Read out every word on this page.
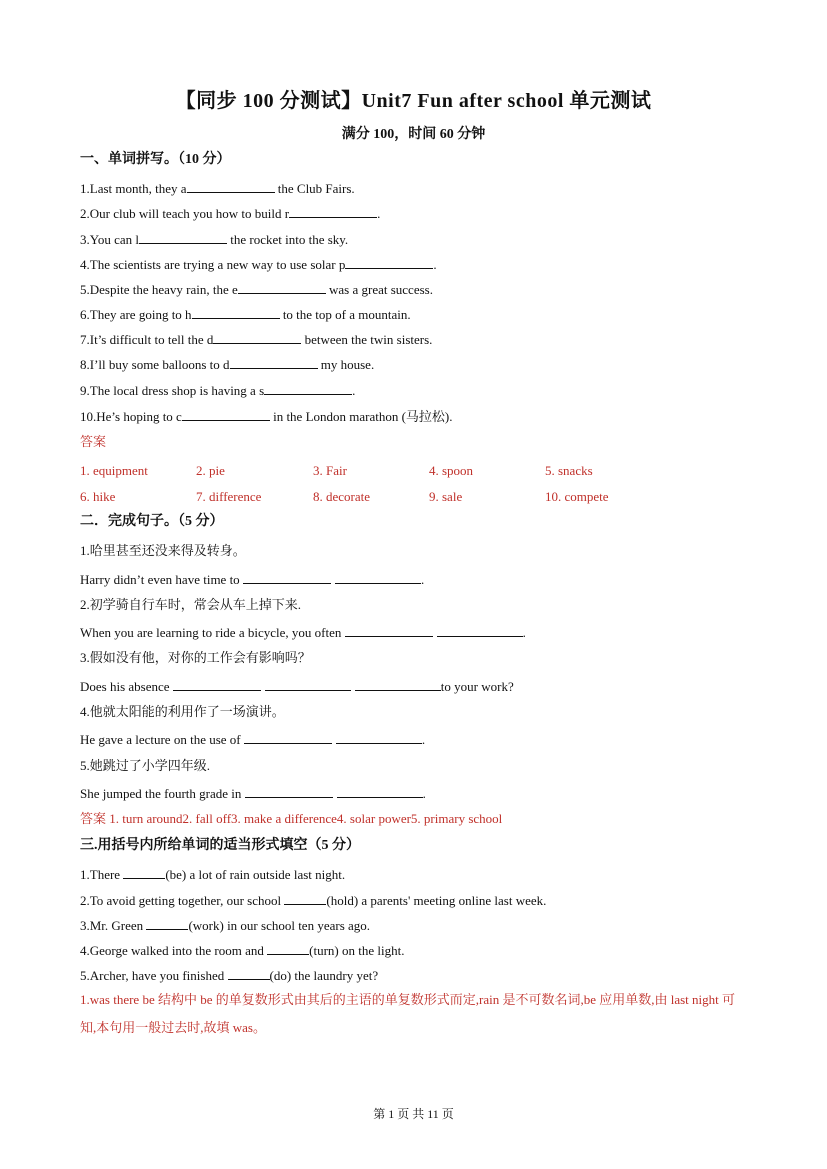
【同步 100 分测试】Unit7 Fun after school 单元测试
满分 100，时间 60 分钟
一、单词拼写。（10 分）
1.Last month, they a	the Club Fairs.
2.Our club will teach you how to build r	.
3.You can l	the rocket into the sky.
4.The scientists are trying a new way to use solar p	.
5.Despite the heavy rain, the e	was a great success.
6.They are going to h	to the top of a mountain.
7.It’s difficult to tell the d	between the twin sisters.
8.I’ll buy some balloons to d	my house.
9.The local dress shop is having a s	.
10.He’s hoping to c	in the London marathon (马拉松).
答案
1. equipment	2. pie	3. Fair	4. spoon	5. snacks
6. hike	7. difference	8. decorate	9. sale	10. compete
二．完成句子。（5 分）
1.哈里甚至还没来得及转身。
Harry didn’t even have time to	.
2.初学骑自行车时，常会从车上掉下来.
When you are learning to ride a bicycle, you often	.
3.假如没有他，对你的工作会有影响吗？
Does his absence	to your work?
4.他就太阳能的利用作了一场演讲。
He gave a lecture on the use of	.
5.她跳过了小学四年级.
She jumped the fourth grade in	.
答案 1. turn around2. fall off3. make a difference4. solar power5. primary school
三.用括号内所给单词的适当形式填空（5 分）
1.There	(be) a lot of rain outside last night.
2.To avoid getting together, our school	(hold) a parents' meeting online last week.
3.Mr. Green	(work) in our school ten years ago.
4.George walked into the room and	(turn) on the light.
5.Archer, have you finished	(do) the laundry yet?
1.was there be 结构中 be 的单复数形式由其后的主语的单复数形式而定,rain 是不可数名词,be 应用单数,由 last night 可知,本句用一般过去时,故填 was。
第 1 页 共 11 页
